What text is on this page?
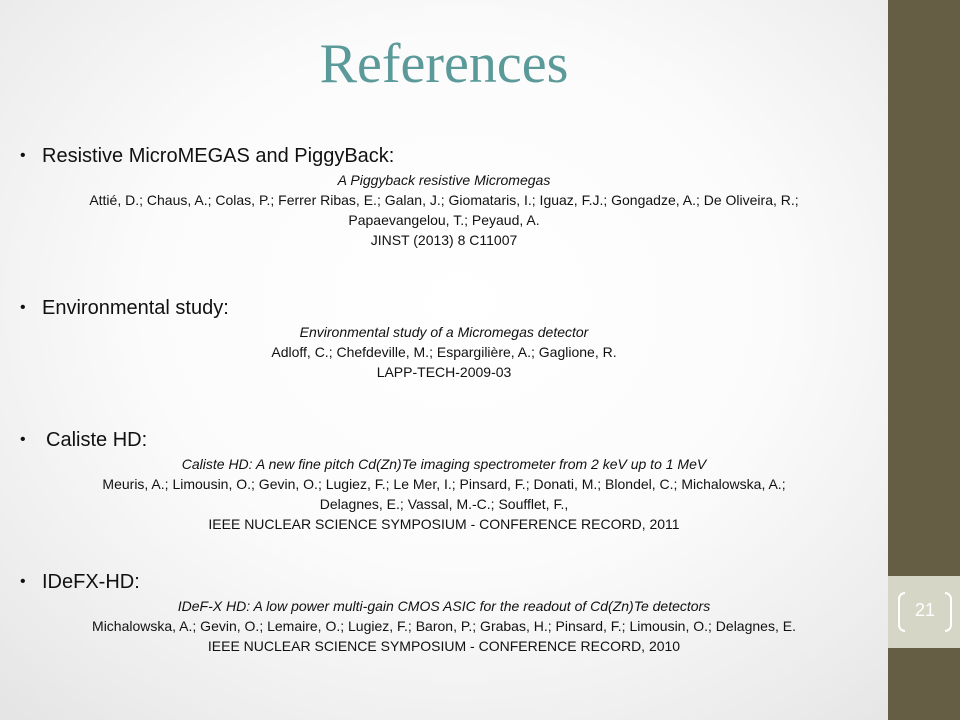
21
References
• Resistive MicroMEGAS and PiggyBack:
A Piggyback resistive Micromegas
Attié, D.; Chaus, A.; Colas, P.; Ferrer Ribas, E.; Galan, J.; Giomataris, I.; Iguaz, F.J.; Gongadze, A.; De Oliveira, R.;
Papaevangelou, T.; Peyaud, A.
JINST (2013) 8 C11007
• Environmental study:
Environmental study of a Micromegas detector
Adloff, C.; Chefdeville, M.; Espargilière, A.; Gaglione, R.
LAPP-TECH-2009-03
• Caliste HD:
Caliste HD: A new fine pitch Cd(Zn)Te imaging spectrometer from 2 keV up to 1 MeV
Meuris, A.; Limousin, O.; Gevin, O.; Lugiez, F.; Le Mer, I.; Pinsard, F.; Donati, M.; Blondel, C.; Michalowska, A.;
Delagnes, E.; Vassal, M.-C.; Soufflet, F.,
IEEE NUCLEAR SCIENCE SYMPOSIUM - CONFERENCE RECORD, 2011
• IDeFX-HD:
IDeF-X HD: A low power multi-gain CMOS ASIC for the readout of Cd(Zn)Te detectors
Michalowska, A.; Gevin, O.; Lemaire, O.; Lugiez, F.; Baron, P.; Grabas, H.; Pinsard, F.; Limousin, O.; Delagnes, E.
IEEE NUCLEAR SCIENCE SYMPOSIUM - CONFERENCE RECORD, 2010
